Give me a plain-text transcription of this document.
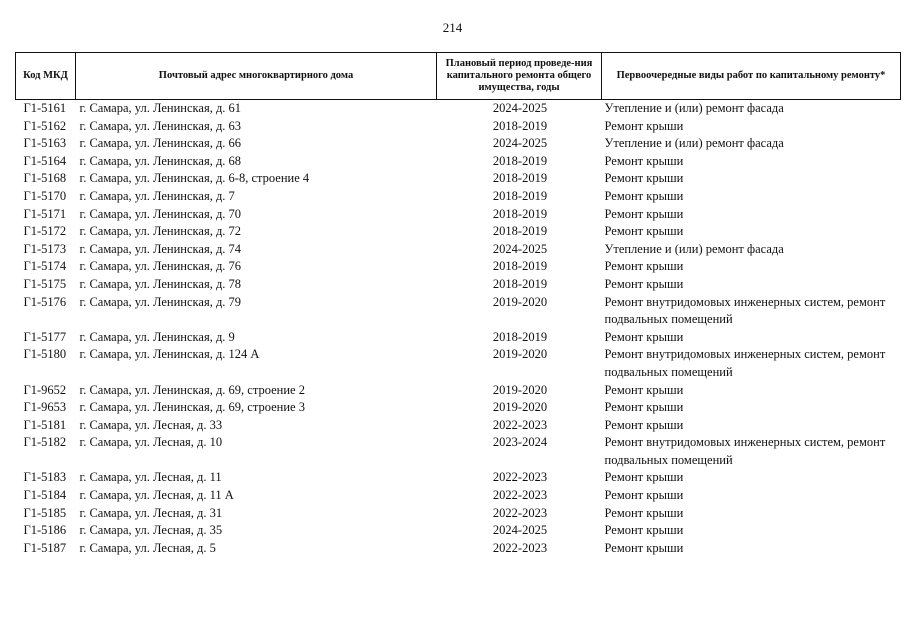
214
Код МКД	Почтовый адрес многоквартирного дома	Плановый период проведе-ния капитального ремонта общего имущества, годы	Первоочередные виды работ по капитальному ремонту*
Г1-5161	г. Самара, ул. Ленинская, д. 61	2024-2025	Утепление и (или) ремонт фасада
Г1-5162	г. Самара, ул. Ленинская, д. 63	2018-2019	Ремонт крыши
Г1-5163	г. Самара, ул. Ленинская, д. 66	2024-2025	Утепление и (или) ремонт фасада
Г1-5164	г. Самара, ул. Ленинская, д. 68	2018-2019	Ремонт крыши
Г1-5168	г. Самара, ул. Ленинская, д. 6-8, строение 4	2018-2019	Ремонт крыши
Г1-5170	г. Самара, ул. Ленинская, д. 7	2018-2019	Ремонт крыши
Г1-5171	г. Самара, ул. Ленинская, д. 70	2018-2019	Ремонт крыши
Г1-5172	г. Самара, ул. Ленинская, д. 72	2018-2019	Ремонт крыши
Г1-5173	г. Самара, ул. Ленинская, д. 74	2024-2025	Утепление и (или) ремонт фасада
Г1-5174	г. Самара, ул. Ленинская, д. 76	2018-2019	Ремонт крыши
Г1-5175	г. Самара, ул. Ленинская, д. 78	2018-2019	Ремонт крыши
Г1-5176	г. Самара, ул. Ленинская, д. 79	2019-2020	Ремонт внутридомовых инженерных систем, ремонт подвальных помещений
Г1-5177	г. Самара, ул. Ленинская, д. 9	2018-2019	Ремонт крыши
Г1-5180	г. Самара, ул. Ленинская, д. 124 А	2019-2020	Ремонт внутридомовых инженерных систем, ремонт подвальных помещений
Г1-9652	г. Самара, ул. Ленинская, д. 69, строение 2	2019-2020	Ремонт крыши
Г1-9653	г. Самара, ул. Ленинская, д. 69, строение 3	2019-2020	Ремонт крыши
Г1-5181	г. Самара, ул. Лесная, д. 33	2022-2023	Ремонт крыши
Г1-5182	г. Самара, ул. Лесная, д. 10	2023-2024	Ремонт внутридомовых инженерных систем, ремонт подвальных помещений
Г1-5183	г. Самара, ул. Лесная, д. 11	2022-2023	Ремонт крыши
Г1-5184	г. Самара, ул. Лесная, д. 11 А	2022-2023	Ремонт крыши
Г1-5185	г. Самара, ул. Лесная, д. 31	2022-2023	Ремонт крыши
Г1-5186	г. Самара, ул. Лесная, д. 35	2024-2025	Ремонт крыши
Г1-5187	г. Самара, ул. Лесная, д. 5	2022-2023	Ремонт крыши
